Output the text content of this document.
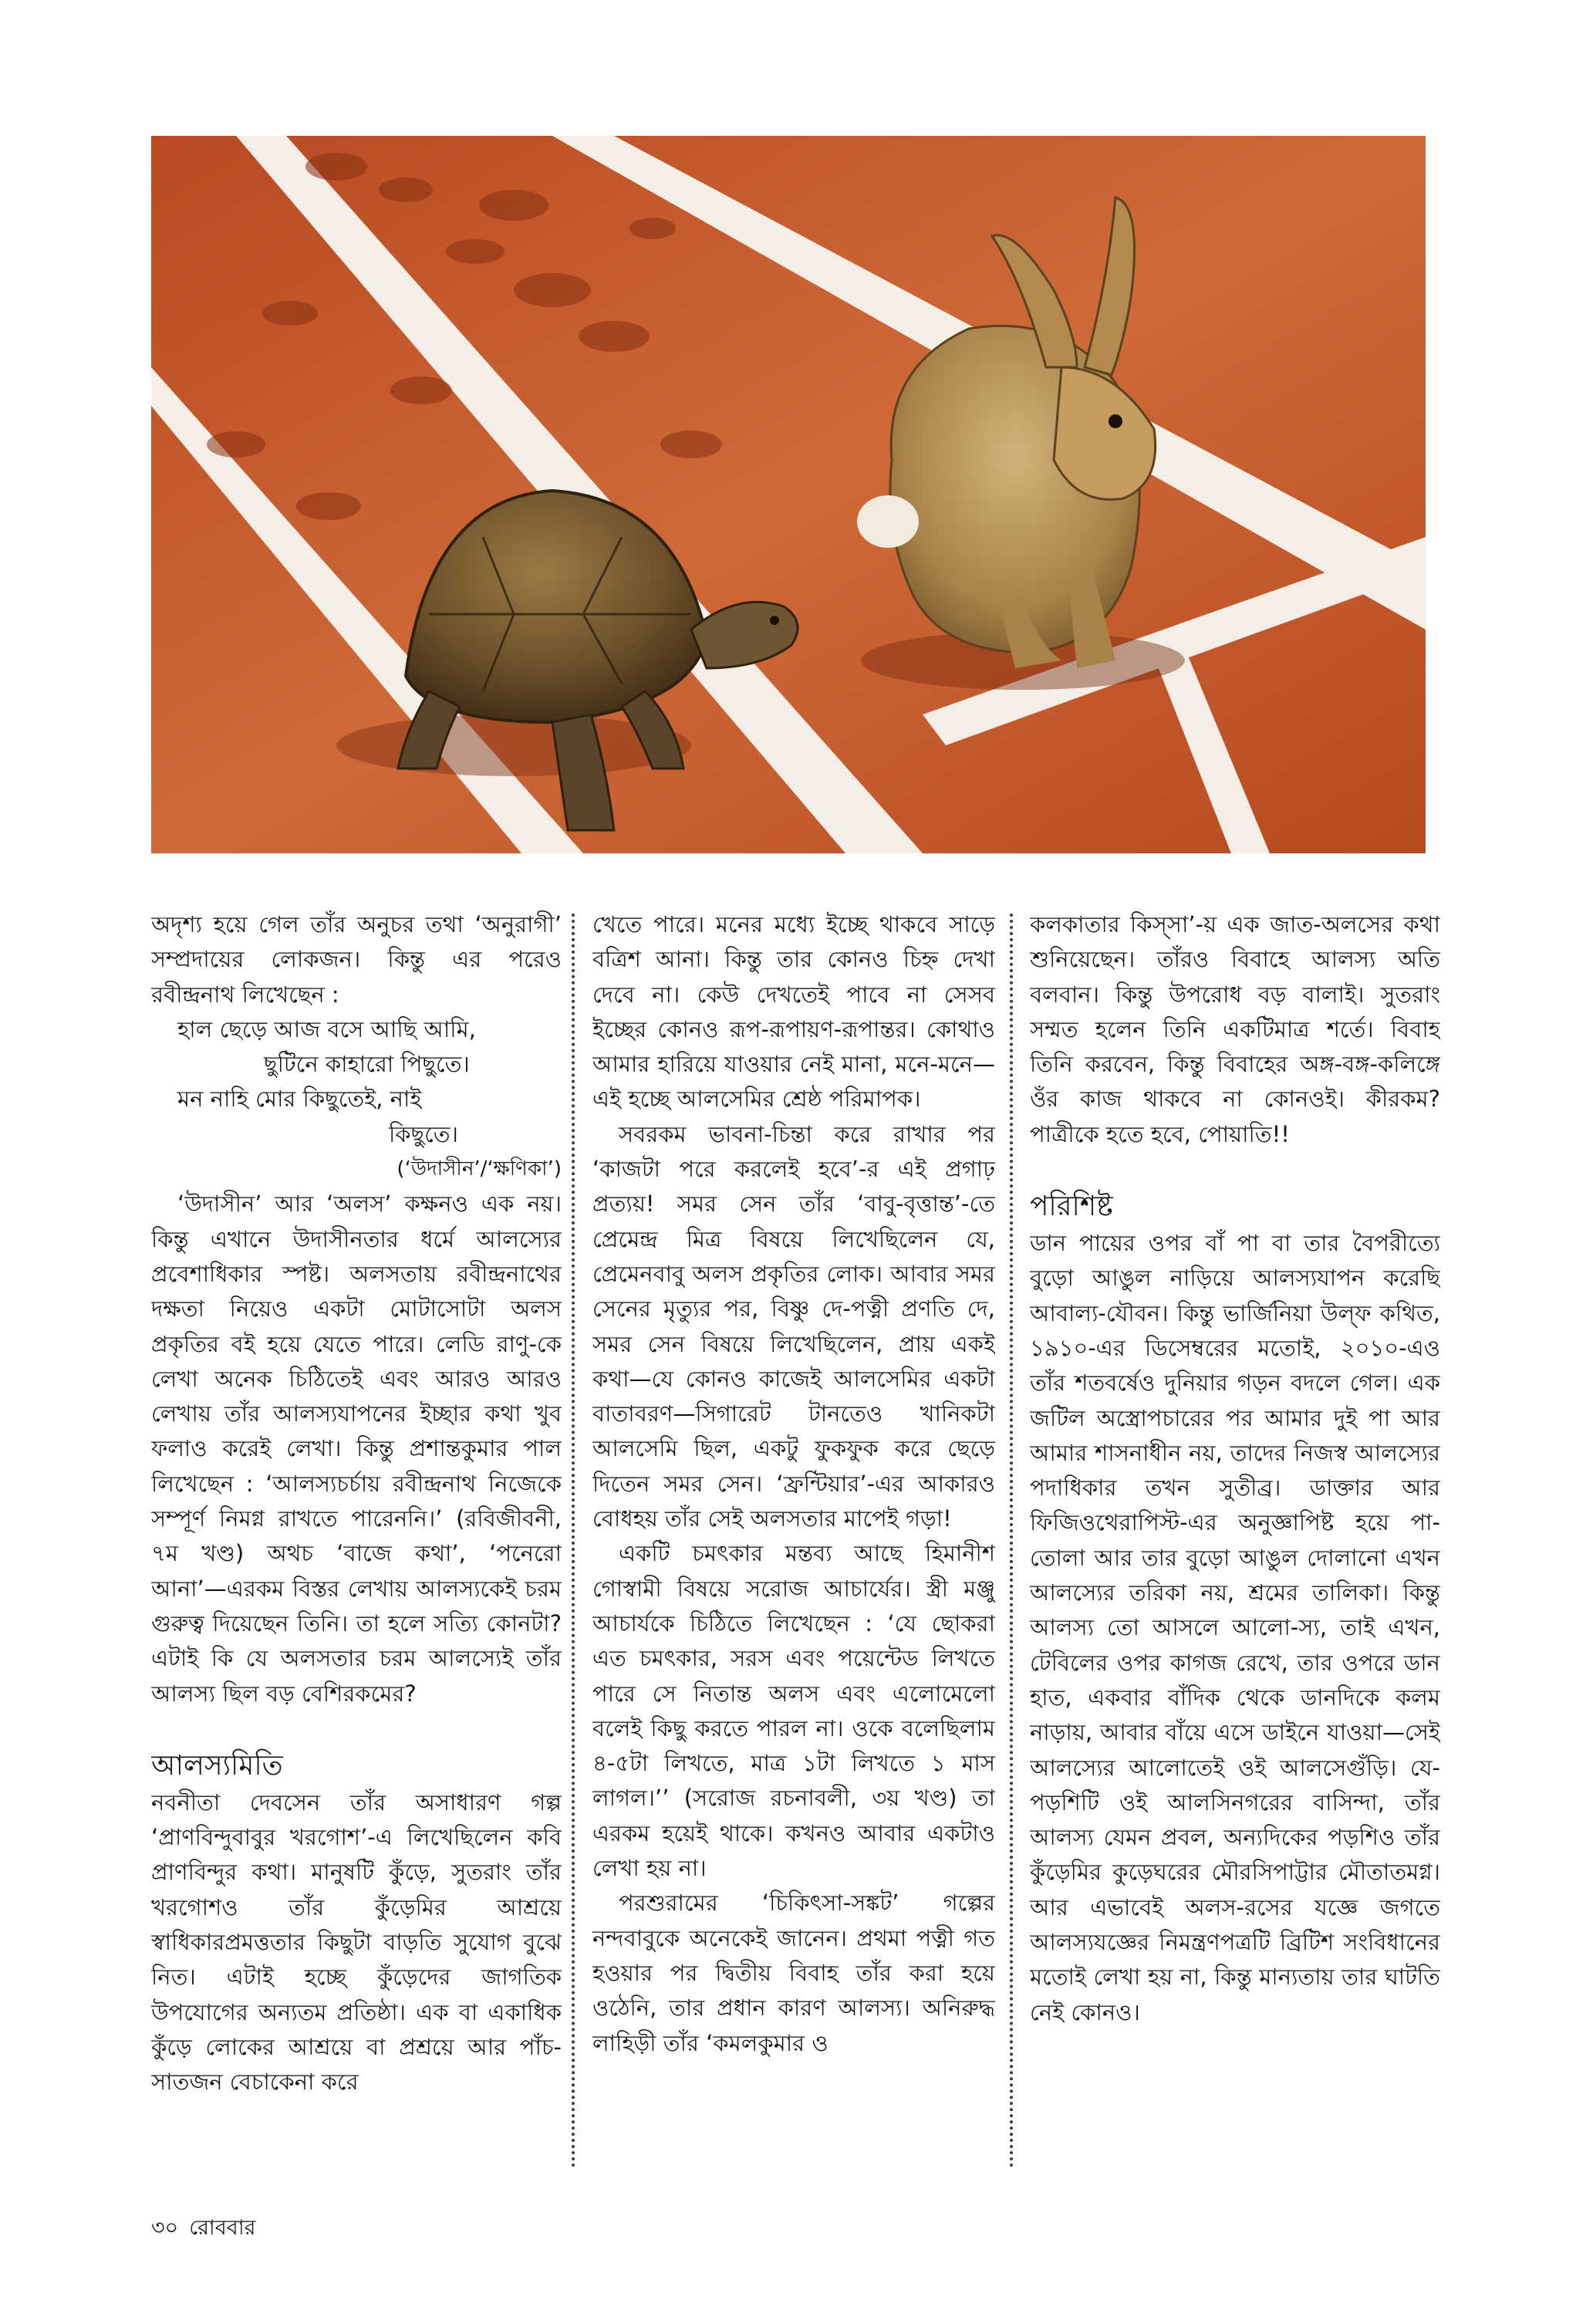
অদৃশ্য হয়ে গেল তাঁর অনুচর তথা ‘অনুরাগী’ সম্প্রদায়ের লোকজন। কিন্তু এর পরেও রবীন্দ্রনাথ লিখেছেন :

হাল ছেড়ে আজ বসে আছি আমি,
ছুটিনে কাহারো পিছুতে।
মন নাহি মোর কিছুতেই, নাই
কিছুতে।
(‘উদাসীন’/‘ক্ষণিকা’)

‘উদাসীন’ আর ‘অলস’ কক্ষনও এক নয়। কিন্তু এখানে উদাসীনতার ধর্মে আলস্যের প্রবেশাধিকার স্পষ্ট। অলসতায় রবীন্দ্রনাথের দক্ষতা নিয়েও একটা মোটাসোটা অলস প্রকৃতির বই হয়ে যেতে পারে। লেডি রাণু-কে লেখা অনেক চিঠিতেই এবং আরও আরও লেখায় তাঁর আলস্যযাপনের ইচ্ছার কথা খুব ফলাও করেই লেখা। কিন্তু প্রশান্তকুমার পাল লিখেছেন : ‘আলস্যচর্চায় রবীন্দ্রনাথ নিজেকে সম্পূর্ণ নিমগ্ন রাখতে পারেননি।’ (রবিজীবনী, ৭ম খণ্ড) অথচ ‘বাজে কথা’, ‘পনেরো আনা’—এরকম বিস্তর লেখায় আলস্যকেই চরম গুরুত্ব দিয়েছেন তিনি। তা হলে সত্যি কোনটা? এটাই কি যে অলসতার চরম আলস্যেই তাঁর আলস্য ছিল বড় বেশিরকমের?

আলস্যমিতি

নবনীতা দেবসেন তাঁর অসাধারণ গল্প ‘প্রাণবিন্দুবাবুর খরগোশ’-এ লিখেছিলেন কবি প্রাণবিন্দুর কথা। মানুষটি কুঁড়ে, সুতরাং তাঁর খরগোশও তাঁর কুঁড়েমির আশ্রয়ে স্বাধিকারপ্রমত্ততার কিছুটা বাড়তি সুযোগ বুঝে নিত। এটাই হচ্ছে কুঁড়েদের জাগতিক উপযোগের অন্যতম প্রতিষ্ঠা। এক বা একাধিক কুঁড়ে লোকের আশ্রয়ে বা প্রশ্রয়ে আর পাঁচ-সাতজন বেচাকেনা করে

খেতে পারে। মনের মধ্যে ইচ্ছে থাকবে সাড়ে বত্রিশ আনা। কিন্তু তার কোনও চিহ্ন দেখা দেবে না। কেউ দেখতেই পাবে না সেসব ইচ্ছের কোনও রূপ-রূপায়ণ-রূপান্তর। কোথাও আমার হারিয়ে যাওয়ার নেই মানা, মনে-মনে—এই হচ্ছে আলসেমির শ্রেষ্ঠ পরিমাপক।

সবরকম ভাবনা-চিন্তা করে রাখার পর ‘কাজটা পরে করলেই হবে’-র এই প্রগাঢ় প্রত্যয়! সমর সেন তাঁর ‘বাবু-বৃত্তান্ত’-তে প্রেমেন্দ্র মিত্র বিষয়ে লিখেছিলেন যে, প্রেমেনবাবু অলস প্রকৃতির লোক। আবার সমর সেনের মৃত্যুর পর, বিষ্ণু দে-পত্নী প্রণতি দে, সমর সেন বিষয়ে লিখেছিলেন, প্রায় একই কথা—যে কোনও কাজেই আলসেমির একটা বাতাবরণ—সিগারেট টানতেও খানিকটা আলসেমি ছিল, একটু ফুকফুক করে ছেড়ে দিতেন সমর সেন। ‘ফ্রন্টিয়ার’-এর আকারও বোধহয় তাঁর সেই অলসতার মাপেই গড়া!

একটি চমৎকার মন্তব্য আছে হিমানীশ গোস্বামী বিষয়ে সরোজ আচার্যের। স্ত্রী মঞ্জু আচার্যকে চিঠিতে লিখেছেন : ‘যে ছোকরা এত চমৎকার, সরস এবং পয়েন্টেড লিখতে পারে সে নিতান্ত অলস এবং এলোমেলো বলেই কিছু করতে পারল না। ওকে বলেছিলাম ৪-৫টা লিখতে, মাত্র ১টা লিখতে ১ মাস লাগল।’’ (সরোজ রচনাবলী, ৩য় খণ্ড) তা এরকম হয়েই থাকে। কখনও আবার একটাও লেখা হয় না।

পরশুরামের ‘চিকিৎসা-সঙ্কট’ গল্পের নন্দবাবুকে অনেকেই জানেন। প্রথমা পত্নী গত হওয়ার পর দ্বিতীয় বিবাহ তাঁর করা হয়ে ওঠেনি, তার প্রধান কারণ আলস্য। অনিরুদ্ধ লাহিড়ী তাঁর ‘কমলকুমার ও

কলকাতার কিস্‌সা’-য় এক জাত-অলসের কথা শুনিয়েছেন। তাঁরও বিবাহে আলস্য অতি বলবান। কিন্তু উপরোধ বড় বালাই। সুতরাং সম্মত হলেন তিনি একটিমাত্র শর্তে। বিবাহ তিনি করবেন, কিন্তু বিবাহের অঙ্গ-বঙ্গ-কলিঙ্গে ওঁর কাজ থাকবে না কোনওই। কীরকম? পাত্রীকে হতে হবে, পোয়াতি!!

পরিশিষ্ট

ডান পায়ের ওপর বাঁ পা বা তার বৈপরীত্যে বুড়ো আঙুল নাড়িয়ে আলস্যযাপন করেছি আবাল্য-যৌবন। কিন্তু ভার্জিনিয়া উল্‌ফ কথিত, ১৯১০-এর ডিসেম্বরের মতোই, ২০১০-এও তাঁর শতবর্ষেও দুনিয়ার গড়ন বদলে গেল। এক জটিল অস্ত্রোপচারের পর আমার দুই পা আর আমার শাসনাধীন নয়, তাদের নিজস্ব আলস্যের পদাধিকার তখন সুতীব্র। ডাক্তার আর ফিজিওথেরাপিস্ট-এর অনুজ্ঞাপিষ্ট হয়ে পা-তোলা আর তার বুড়ো আঙুল দোলানো এখন আলস্যের তরিকা নয়, শ্রমের তালিকা। কিন্তু আলস্য তো আসলে আলো-স্য, তাই এখন, টেবিলের ওপর কাগজ রেখে, তার ওপরে ডান হাত, একবার বাঁদিক থেকে ডানদিকে কলম নাড়ায়, আবার বাঁয়ে এসে ডাইনে যাওয়া—সেই আলস্যের আলোতেই ওই আলসেগুঁড়ি। যে-পড়শিটি ওই আলসিনগরের বাসিন্দা, তাঁর আলস্য যেমন প্রবল, অন্যদিকের পড়শিও তাঁর কুঁড়েমির কুড়েঘরের মৌরসিপাট্টার মৌতাতমগ্ন। আর এভাবেই অলস-রসের যজ্ঞে জগতে আলস্যযজ্ঞের নিমন্ত্রণপত্রটি ব্রিটিশ সংবিধানের মতোই লেখা হয় না, কিন্তু মান্যতায় তার ঘাটতি নেই কোনও।

৩০ রোববার
